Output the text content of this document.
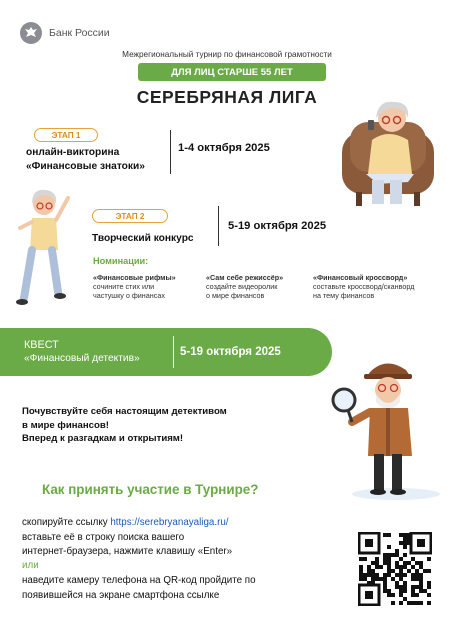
Банк России
Межрегиональный турнир по финансовой грамотности
ДЛЯ ЛИЦ СТАРШЕ 55 ЛЕТ
СЕРЕБРЯНАЯ ЛИГА
ЭТАП 1
онлайн-викторина
«Финансовые знатоки»
1-4 октября 2025
ЭТАП 2
Творческий конкурс
5-19 октября 2025
Номинации:
«Финансовые рифмы»
сочините стих или
частушку о финансах
«Сам себе режиссёр»
создайте видеоролик
о мире финансов
«Финансовый кроссворд»
составьте кроссворд/сканворд
на тему финансов
КВЕСТ
«Финансовый детектив»
5-19 октября 2025
Почувствуйте себя настоящим детективом
в мире финансов!
Вперед к разгадкам и открытиям!
Как принять участие в Турнире?
скопируйте ссылку https://serebryanayaliga.ru/
вставьте её в строку поиска вашего
интернет-браузера, нажмите клавишу «Enter»
или
наведите камеру телефона на QR-код пройдите по
появившейся на экране смартфона ссылке
